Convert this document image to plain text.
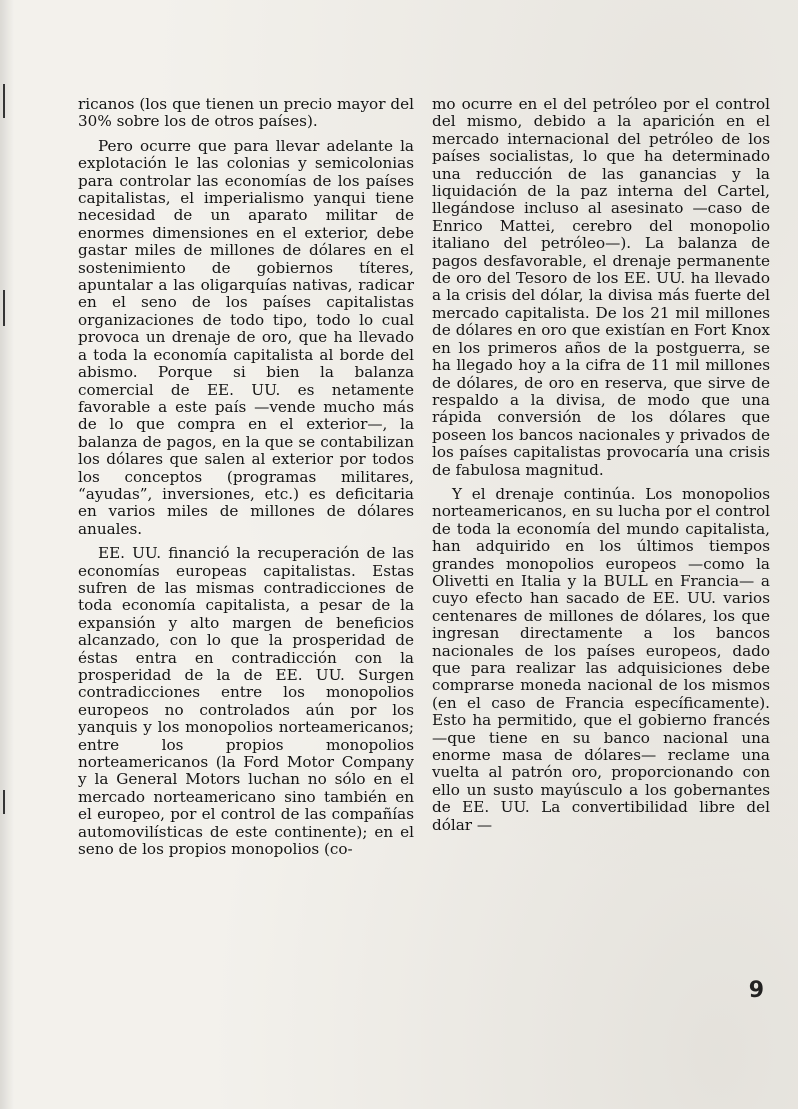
ricanos (los que tienen un precio mayor del 30% sobre los de otros países).

Pero ocurre que para llevar adelante la explotación le las colonias y semicolonias para controlar las economías de los países capitalistas, el imperialismo yanqui tiene necesidad de un aparato militar de enormes dimensiones en el exterior, debe gastar miles de millones de dólares en el sostenimiento de gobiernos títeres, apuntalar a las oligarquías nativas, radicar en el seno de los países capitalistas organizaciones de todo tipo, todo lo cual provoca un drenaje de oro, que ha llevado a toda la economía capitalista al borde del abismo. Porque si bien la balanza comercial de EE. UU. es netamente favorable a este país —vende mucho más de lo que compra en el exterior—, la balanza de pagos, en la que se contabilizan los dólares que salen al exterior por todos los conceptos (programas militares, “ayudas”, inversiones, etc.) es deficitaria en varios miles de millones de dólares anuales.

EE. UU. financió la recuperación de las economías europeas capitalistas. Estas sufren de las mismas contradicciones de toda economía capitalista, a pesar de la expansión y alto margen de beneficios alcanzado, con lo que la prosperidad de éstas entra en contradicción con la prosperidad de la de EE. UU. Surgen contradicciones entre los monopolios europeos no controlados aún por los yanquis y los monopolios norteamericanos; entre los propios monopolios norteamericanos (la Ford Motor Company y la General Motors luchan no sólo en el mercado norteamericano sino también en el europeo, por el control de las compañías automovilísticas de este continente); en el seno de los propios monopolios (co-

mo ocurre en el del petróleo por el control del mismo, debido a la aparición en el mercado internacional del petróleo de los países socialistas, lo que ha determinado una reducción de las ganancias y la liquidación de la paz interna del Cartel, llegándose incluso al asesinato —caso de Enrico Mattei, cerebro del monopolio italiano del petróleo—). La balanza de pagos desfavorable, el drenaje permanente de oro del Tesoro de los EE. UU. ha llevado a la crisis del dólar, la divisa más fuerte del mercado capitalista. De los 21 mil millones de dólares en oro que existían en Fort Knox en los primeros años de la postguerra, se ha llegado hoy a la cifra de 11 mil millones de dólares, de oro en reserva, que sirve de respaldo a la divisa, de modo que una rápida conversión de los dólares que poseen los bancos nacionales y privados de los países capitalistas provocaría una crisis de fabulosa magnitud.

Y el drenaje continúa. Los monopolios norteamericanos, en su lucha por el control de toda la economía del mundo capitalista, han adquirido en los últimos tiempos grandes monopolios europeos —como la Olivetti en Italia y la BULL en Francia— a cuyo efecto han sacado de EE. UU. varios centenares de millones de dólares, los que ingresan directamente a los bancos nacionales de los países europeos, dado que para realizar las adquisiciones debe comprarse moneda nacional de los mismos (en el caso de Francia específicamente). Esto ha permitido, que el gobierno francés —que tiene en su banco nacional una enorme masa de dólares— reclame una vuelta al patrón oro, proporcionando con ello un susto mayúsculo a los gobernantes de EE. UU. La convertibilidad libre del dólar —

9
